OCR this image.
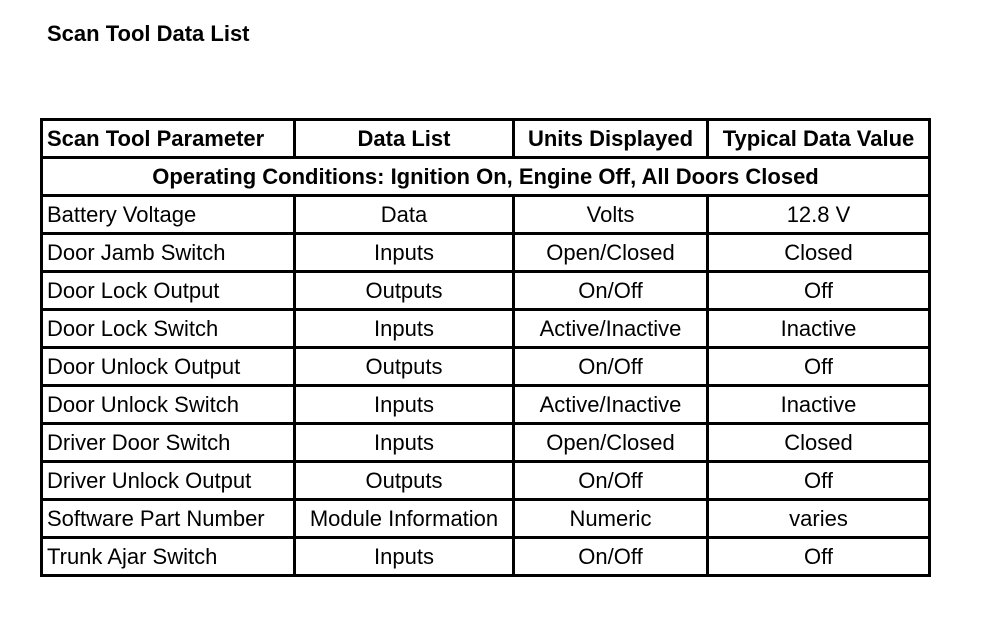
Scan Tool Data List
Scan Tool Parameter	Data List	Units Displayed	Typical Data Value
Operating Conditions: Ignition On, Engine Off, All Doors Closed			
Battery Voltage	Data	Volts	12.8 V
Door Jamb Switch	Inputs	Open/Closed	Closed
Door Lock Output	Outputs	On/Off	Off
Door Lock Switch	Inputs	Active/Inactive	Inactive
Door Unlock Output	Outputs	On/Off	Off
Door Unlock Switch	Inputs	Active/Inactive	Inactive
Driver Door Switch	Inputs	Open/Closed	Closed
Driver Unlock Output	Outputs	On/Off	Off
Software Part Number	Module Information	Numeric	varies
Trunk Ajar Switch	Inputs	On/Off	Off
